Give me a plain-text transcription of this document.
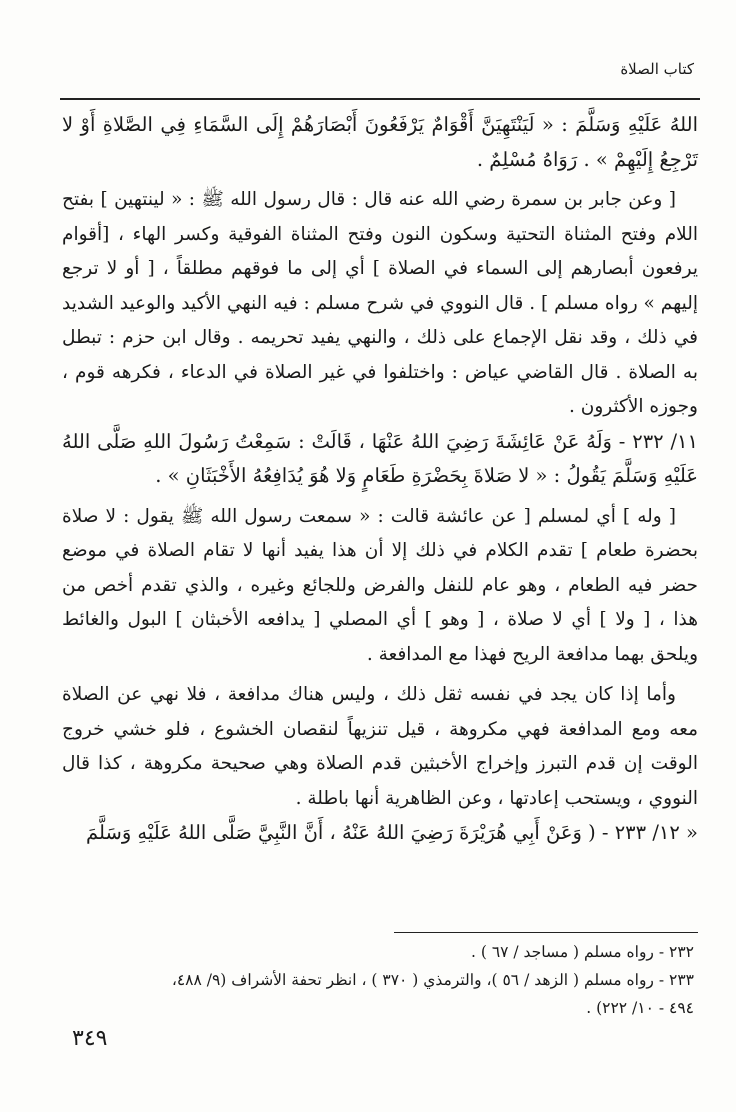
كتاب الصلاة

اللهُ عَلَيْهِ وَسَلَّمَ : « لَيَنْتَهِيَنَّ أَقْوَامٌ يَرْفَعُونَ أَبْصَارَهُمْ إِلَى السَّمَاءِ فِي الصَّلاةِ أَوْ لا تَرْجِعُ إِلَيْهِمْ » . رَوَاهُ مُسْلِمٌ .

[ وعن جابر بن سمرة رضي الله عنه قال : قال رسول الله ﷺ : « لينتهين ] بفتح اللام وفتح المثناة التحتية وسكون النون وفتح المثناة الفوقية وكسر الهاء ، [أقوام يرفعون أبصارهم إلى السماء في الصلاة ] أي إلى ما فوقهم مطلقاً ، [ أو لا ترجع إليهم » رواه مسلم ] . قال النووي في شرح مسلم : فيه النهي الأكيد والوعيد الشديد في ذلك ، وقد نقل الإجماع على ذلك ، والنهي يفيد تحريمه . وقال ابن حزم : تبطل به الصلاة . قال القاضي عياض : واختلفوا في غير الصلاة في الدعاء ، فكرهه قوم ، وجوزه الأكثرون .

١١/ ٢٣٢ - وَلَهُ عَنْ عَائِشَةَ رَضِيَ اللهُ عَنْهَا ، قَالَتْ : سَمِعْتُ رَسُولَ اللهِ صَلَّى اللهُ عَلَيْهِ وَسَلَّمَ يَقُولُ : « لا صَلاةَ بِحَضْرَةِ طَعَامٍ وَلا هُوَ يُدَافِعُهُ الأَخْبَثَانِ » .

[ وله ] أي لمسلم [ عن عائشة قالت : « سمعت رسول الله ﷺ يقول : لا صلاة بحضرة طعام ] تقدم الكلام في ذلك إلا أن هذا يفيد أنها لا تقام الصلاة في موضع حضر فيه الطعام ، وهو عام للنفل والفرض وللجائع وغيره ، والذي تقدم أخص من هذا ، [ ولا ] أي لا صلاة ، [ وهو ] أي المصلي [ يدافعه الأخبثان ] البول والغائط ويلحق بهما مدافعة الريح فهذا مع المدافعة .

وأما إذا كان يجد في نفسه ثقل ذلك ، وليس هناك مدافعة ، فلا نهي عن الصلاة معه ومع المدافعة فهي مكروهة ، قيل تنزيهاً لنقصان الخشوع ، فلو خشي خروج الوقت إن قدم التبرز وإخراج الأخبثين قدم الصلاة وهي صحيحة مكروهة ، كذا قال النووي ، ويستحب إعادتها ، وعن الظاهرية أنها باطلة .

« ١٢/ ٢٣٣ - ( وَعَنْ أَبِي هُرَيْرَةَ رَضِيَ اللهُ عَنْهُ ، أَنَّ النَّبِيَّ صَلَّى اللهُ عَلَيْهِ وَسَلَّمَ

٢٣٢ - رواه مسلم ( مساجد / ٦٧ ) .
٢٣٣ - رواه مسلم ( الزهد / ٥٦ )، والترمذي ( ٣٧٠ ) ، انظر تحفة الأشراف (٩/ ٤٨٨،
٤٩٤ - ١٠/ ٢٢٢) .
٣٤٩
